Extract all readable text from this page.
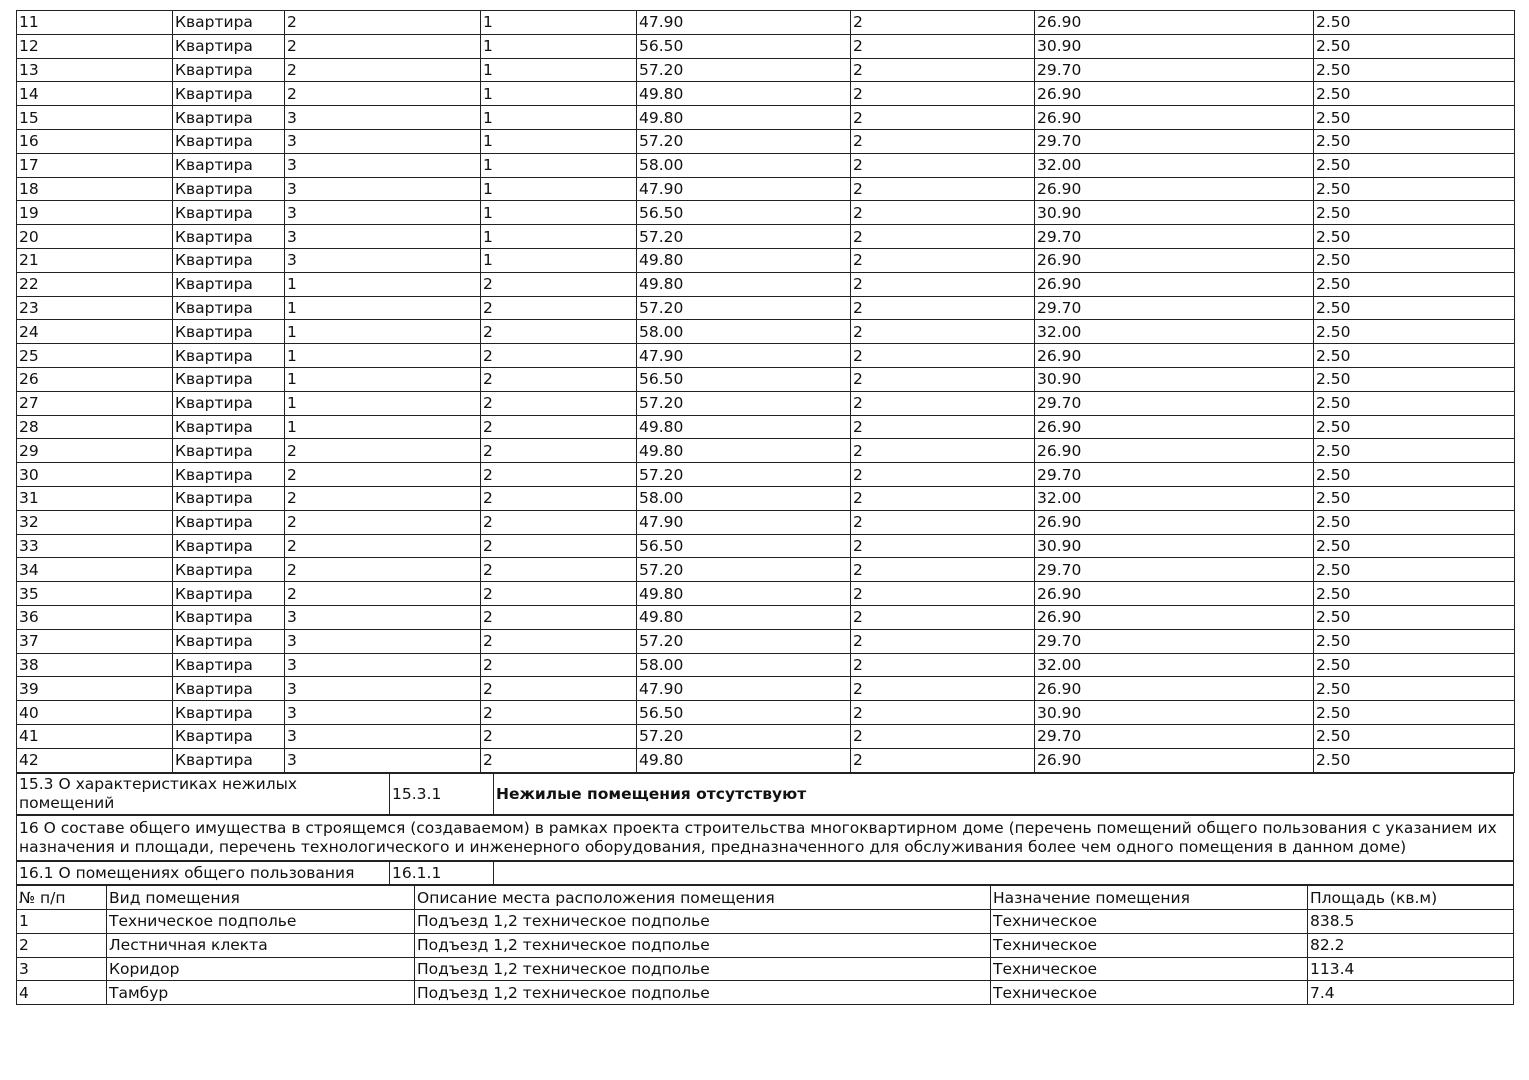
11	Квартира	2	1	47.90	2	26.90	2.50
12	Квартира	2	1	56.50	2	30.90	2.50
13	Квартира	2	1	57.20	2	29.70	2.50
14	Квартира	2	1	49.80	2	26.90	2.50
15	Квартира	3	1	49.80	2	26.90	2.50
16	Квартира	3	1	57.20	2	29.70	2.50
17	Квартира	3	1	58.00	2	32.00	2.50
18	Квартира	3	1	47.90	2	26.90	2.50
19	Квартира	3	1	56.50	2	30.90	2.50
20	Квартира	3	1	57.20	2	29.70	2.50
21	Квартира	3	1	49.80	2	26.90	2.50
22	Квартира	1	2	49.80	2	26.90	2.50
23	Квартира	1	2	57.20	2	29.70	2.50
24	Квартира	1	2	58.00	2	32.00	2.50
25	Квартира	1	2	47.90	2	26.90	2.50
26	Квартира	1	2	56.50	2	30.90	2.50
27	Квартира	1	2	57.20	2	29.70	2.50
28	Квартира	1	2	49.80	2	26.90	2.50
29	Квартира	2	2	49.80	2	26.90	2.50
30	Квартира	2	2	57.20	2	29.70	2.50
31	Квартира	2	2	58.00	2	32.00	2.50
32	Квартира	2	2	47.90	2	26.90	2.50
33	Квартира	2	2	56.50	2	30.90	2.50
34	Квартира	2	2	57.20	2	29.70	2.50
35	Квартира	2	2	49.80	2	26.90	2.50
36	Квартира	3	2	49.80	2	26.90	2.50
37	Квартира	3	2	57.20	2	29.70	2.50
38	Квартира	3	2	58.00	2	32.00	2.50
39	Квартира	3	2	47.90	2	26.90	2.50
40	Квартира	3	2	56.50	2	30.90	2.50
41	Квартира	3	2	57.20	2	29.70	2.50
42	Квартира	3	2	49.80	2	26.90	2.50
15.3 О характеристиках нежилых помещений	15.3.1	Нежилые помещения отсутствуют
16 О составе общего имущества в строящемся (создаваемом) в рамках проекта строительства многоквартирном доме (перечень помещений общего пользования с указанием их назначения и площади, перечень технологического и инженерного оборудования, предназначенного для обслуживания более чем одного помещения в данном доме)
16.1 О помещениях общего пользования	16.1.1	
№ п/п	Вид помещения	Описание места расположения помещения	Назначение помещения	Площадь (кв.м)
1	Техническое подполье	Подъезд 1,2 техническое подполье	Техническое	838.5
2	Лестничная клекта	Подъезд 1,2 техническое подполье	Техническое	82.2
3	Коридор	Подъезд 1,2 техническое подполье	Техническое	113.4
4	Тамбур	Подъезд 1,2 техническое подполье	Техническое	7.4
